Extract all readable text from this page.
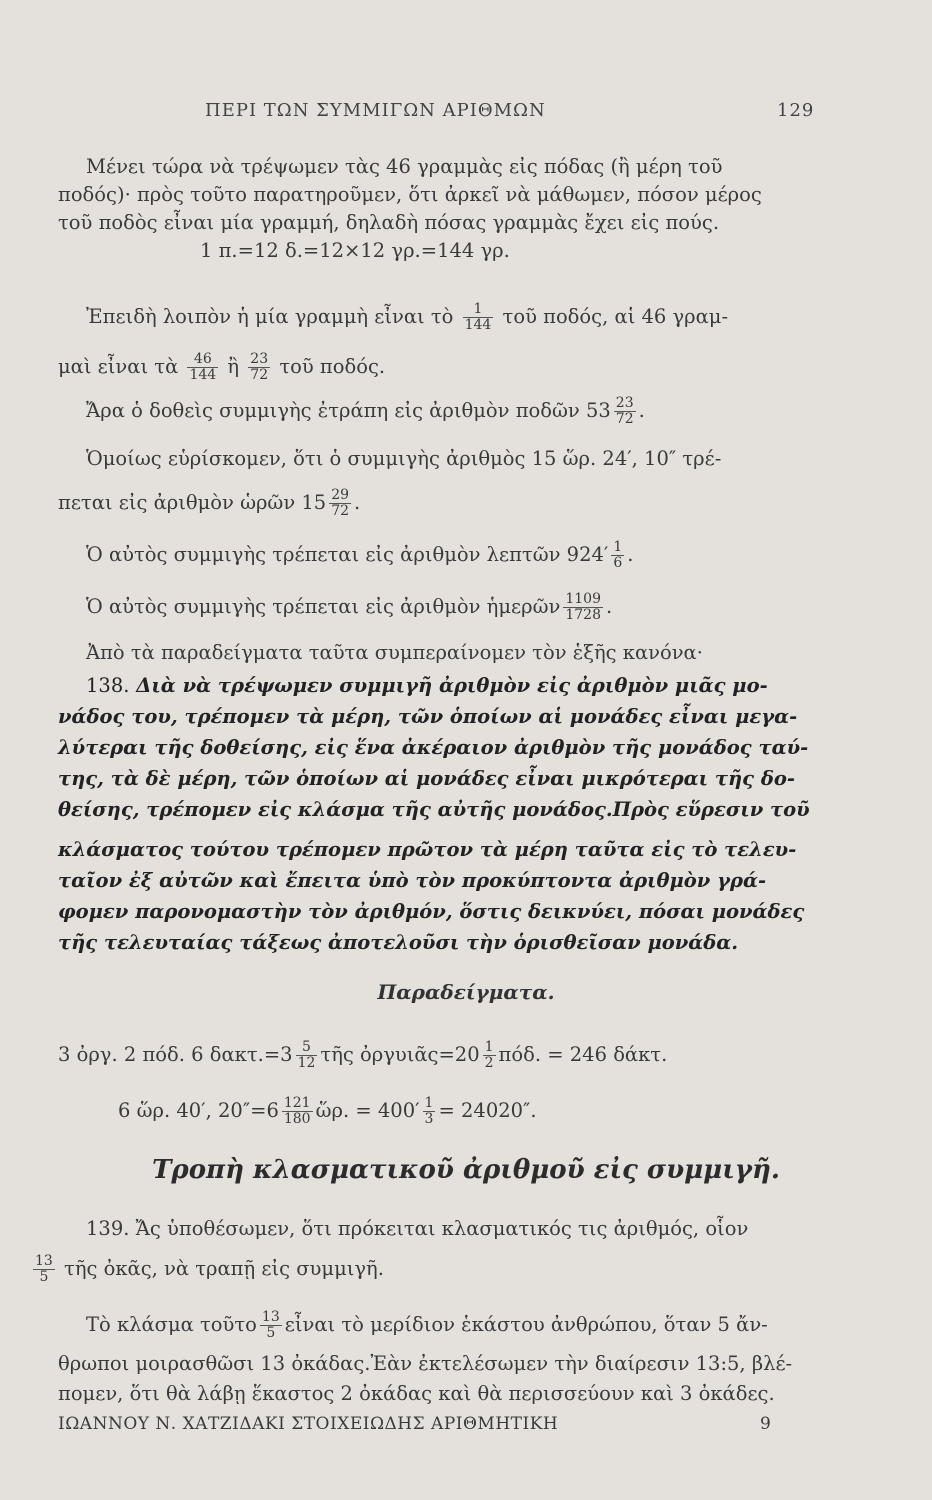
ΠΕΡΙ ΤΩΝ ΣΥΜΜΙΓΩΝ ΑΡΙΘΜΩΝ	129
Μένει τώρα νὰ τρέψωμεν τὰς 46 γραμμὰς εἰς πόδας (ἢ μέρη τοῦ
ποδός)· πρὸς τοῦτο παρατηροῦμεν, ὅτι ἀρκεῖ νὰ μάθωμεν, πόσον μέρος
τοῦ ποδὸς εἶναι μία γραμμή, δηλαδὴ πόσας γραμμὰς ἔχει εἰς πούς.
1 π.=12 δ.=12×12 γρ.=144 γρ.
Ἐπειδὴ λοιπὸν ἡ μία γραμμὴ εἶναι τὸ $\frac{1}{144}$ τοῦ ποδός, αἱ 46 γραμ-
μαὶ εἶναι τὰ $\frac{46}{144}$ ἢ $\frac{23}{72}$ τοῦ ποδός.
Ἄρα ὁ δοθεὶς συμμιγὴς ἐτράπη εἰς ἀριθμὸν ποδῶν $53 \frac{23}{72}$ .
Ὁμοίως εὑρίσκομεν, ὅτι ὁ συμμιγὴς ἀριθμὸς 15 ὥρ. 24′, 10″ τρέ-
πεται εἰς ἀριθμὸν ὡρῶν $15 \frac{29}{72}$ .
Ὁ αὐτὸς συμμιγὴς τρέπεται εἰς ἀριθμὸν λεπτῶν $924' \frac{1}{6}$ .
Ὁ αὐτὸς συμμιγὴς τρέπεται εἰς ἀριθμὸν ἡμερῶν $\frac{1109}{1728}$ .
Ἀπὸ τὰ παραδείγματα ταῦτα συμπεραίνομεν τὸν ἑξῆς κανόνα·
138. Διὰ νὰ τρέψωμεν συμμιγῆ ἀριθμὸν εἰς ἀριθμὸν μιᾶς μο-
νάδος του, τρέπομεν τὰ μέρη, τῶν ὁποίων αἱ μονάδες εἶναι μεγα-
λύτεραι τῆς δοθείσης, εἰς ἕνα ἀκέραιον ἀριθμὸν τῆς μονάδος ταύ-
της, τὰ δὲ μέρη, τῶν ὁποίων αἱ μονάδες εἶναι μικρότεραι τῆς δο-
θείσης, τρέπομεν εἰς κλάσμα τῆς αὐτῆς μονάδος.Πρὸς εὕρεσιν τοῦ
κλάσματος τούτου τρέπομεν πρῶτον τὰ μέρη ταῦτα εἰς τὸ τελευ-
ταῖον ἐξ αὐτῶν καὶ ἔπειτα ὑπὸ τὸν προκύπτοντα ἀριθμὸν γρά-
φομεν παρονομαστὴν τὸν ἀριθμόν, ὅστις δεικνύει, πόσαι μονάδες
τῆς τελευταίας τάξεως ἀποτελοῦσι τὴν ὁρισθεῖσαν μονάδα.
Παραδείγματα.
3 ὀργ. 2 πόδ. 6 $\delta\alpha\kappa\tau.=3 \frac{5}{12}$ τῆς ὀργυιᾶς=20 $\frac{1}{2} \pi ό\delta$. = 246 δάκτ.
6 ὥρ. 40′, $20''=6 \frac{121}{180}$ ὥρ. = $400' \frac{1}{3} = 24020''$.
Τροπὴ κλασματικοῦ ἀριθμοῦ εἰς συμμιγῆ.
139. Ἄς ὑποθέσωμεν, ὅτι πρόκειται κλασματικός τις ἀριθμός, οἷον
$\frac{13}{5}$ τῆς ὀκᾶς, νὰ τραπῇ εἰς συμμιγῆ.
Τὸ κλάσμα τοῦτο $\frac{13}{5}$ εἶναι τὸ μερίδιον ἑκάστου ἀνθρώπου, ὅταν 5 ἄν-
θρωποι μοιρασθῶσι 13 ὀκάδας.Ἐὰν ἐκτελέσωμεν τὴν διαίρεσιν 13:5, βλέ-
πομεν, ὅτι θὰ λάβῃ ἕκαστος 2 ὀκάδας καὶ θὰ περισσεύουν καὶ 3 ὀκάδες.
ΙΩΑΝΝΟΥ Ν. ΧΑΤΖΙΔΑΚΙ ΣΤΟΙΧΕΙΩΔΗΣ ΑΡΙΘΜΗΤΙΚΗ	9
